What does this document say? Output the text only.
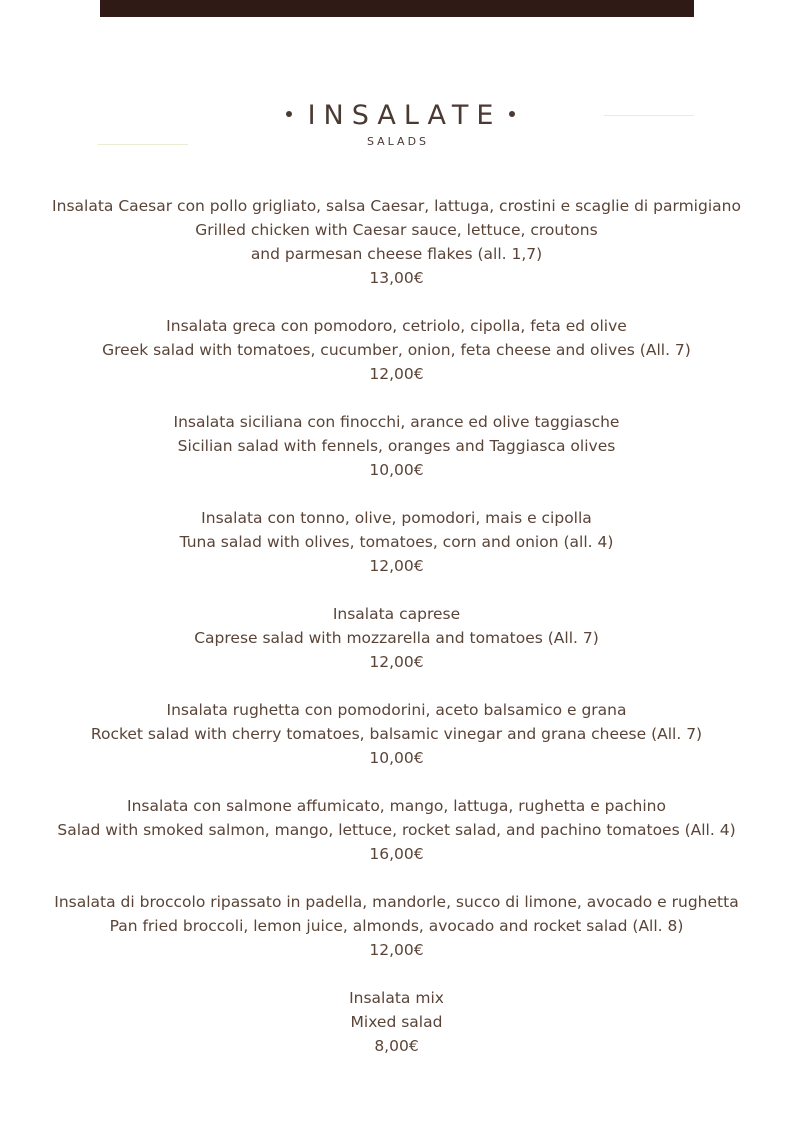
INSALATE
SALADS
Insalata Caesar con pollo grigliato, salsa Caesar, lattuga, crostini e scaglie di parmigiano
Grilled chicken with Caesar sauce, lettuce, croutons
and parmesan cheese flakes (all. 1,7)
13,00€
Insalata greca con pomodoro, cetriolo, cipolla, feta ed olive
Greek salad with tomatoes, cucumber, onion, feta cheese and olives (All. 7)
12,00€
Insalata siciliana con finocchi, arance ed olive taggiasche
Sicilian salad with fennels, oranges and Taggiasca olives
10,00€
Insalata con tonno, olive, pomodori, mais e cipolla
Tuna salad with olives, tomatoes, corn and onion (all. 4)
12,00€
Insalata caprese
Caprese salad with mozzarella and tomatoes (All. 7)
12,00€
Insalata rughetta con pomodorini, aceto balsamico e grana
Rocket salad with cherry tomatoes, balsamic vinegar and grana cheese (All. 7)
10,00€
Insalata con salmone affumicato, mango, lattuga, rughetta e pachino
Salad with smoked salmon, mango, lettuce, rocket salad, and pachino tomatoes (All. 4)
16,00€
Insalata di broccolo ripassato in padella, mandorle, succo di limone, avocado e rughetta
Pan fried broccoli, lemon juice, almonds, avocado and rocket salad (All. 8)
12,00€
Insalata mix
Mixed salad
8,00€
